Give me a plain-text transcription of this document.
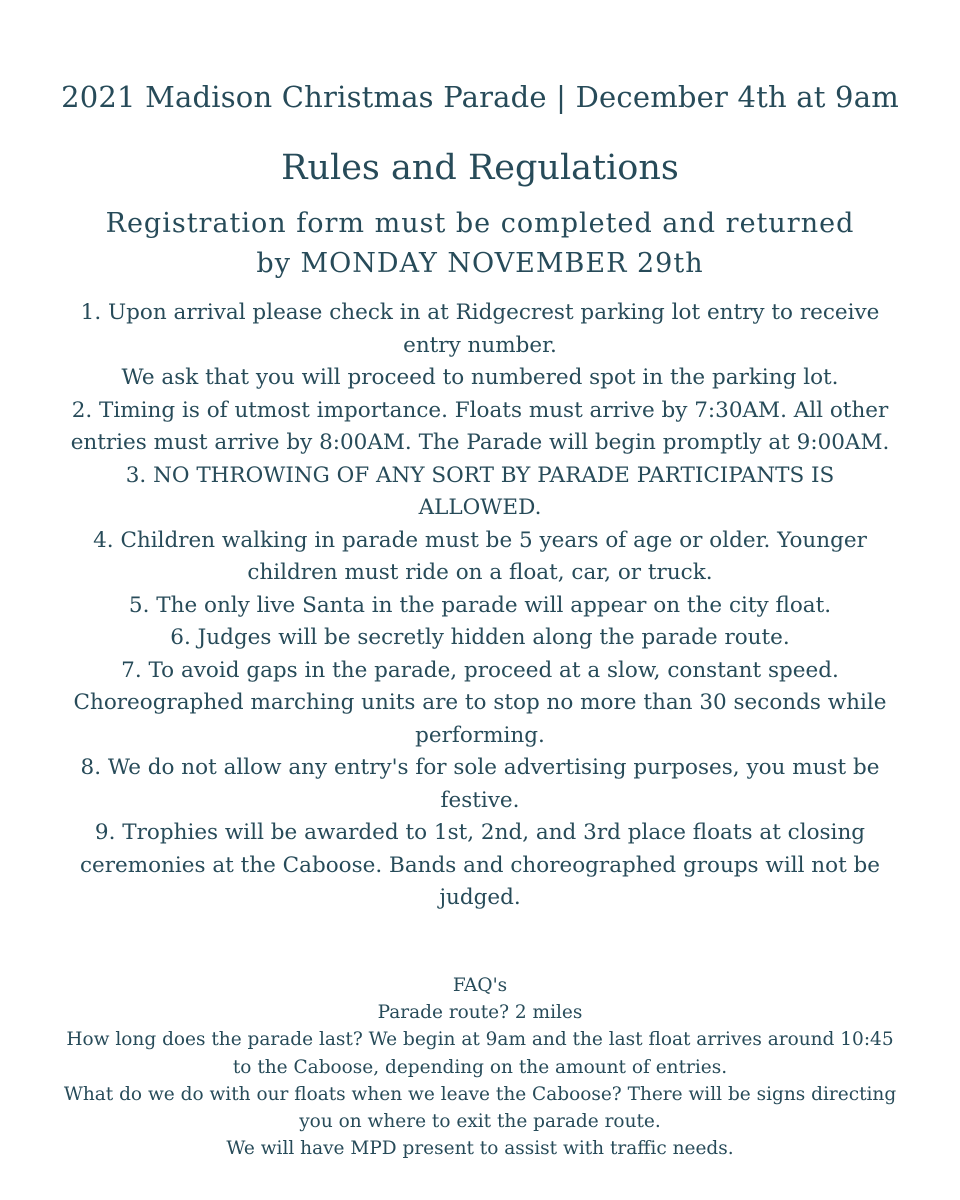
2021 Madison Christmas Parade | December 4th at 9am
Rules and Regulations
Registration form must be completed and returned
by MONDAY NOVEMBER 29th
1. Upon arrival please check in at Ridgecrest parking lot entry to receive entry number.
We ask that you will proceed to numbered spot in the parking lot.
2. Timing is of utmost importance. Floats must arrive by 7:30AM. All other entries must arrive by 8:00AM. The Parade will begin promptly at 9:00AM.
3. NO THROWING OF ANY SORT BY PARADE PARTICIPANTS IS ALLOWED.
4. Children walking in parade must be 5 years of age or older. Younger children must ride on a float, car, or truck.
5. The only live Santa in the parade will appear on the city float.
6. Judges will be secretly hidden along the parade route.
7. To avoid gaps in the parade, proceed at a slow, constant speed. Choreographed marching units are to stop no more than 30 seconds while performing.
8. We do not allow any entry's for sole advertising purposes, you must be festive.
9. Trophies will be awarded to 1st, 2nd, and 3rd place floats at closing ceremonies at the Caboose. Bands and choreographed groups will not be judged.
FAQ's
Parade route? 2 miles
How long does the parade last? We begin at 9am and the last float arrives around 10:45 to the Caboose, depending on the amount of entries.
What do we do with our floats when we leave the Caboose? There will be signs directing you on where to exit the parade route.
We will have MPD present to assist with traffic needs.
